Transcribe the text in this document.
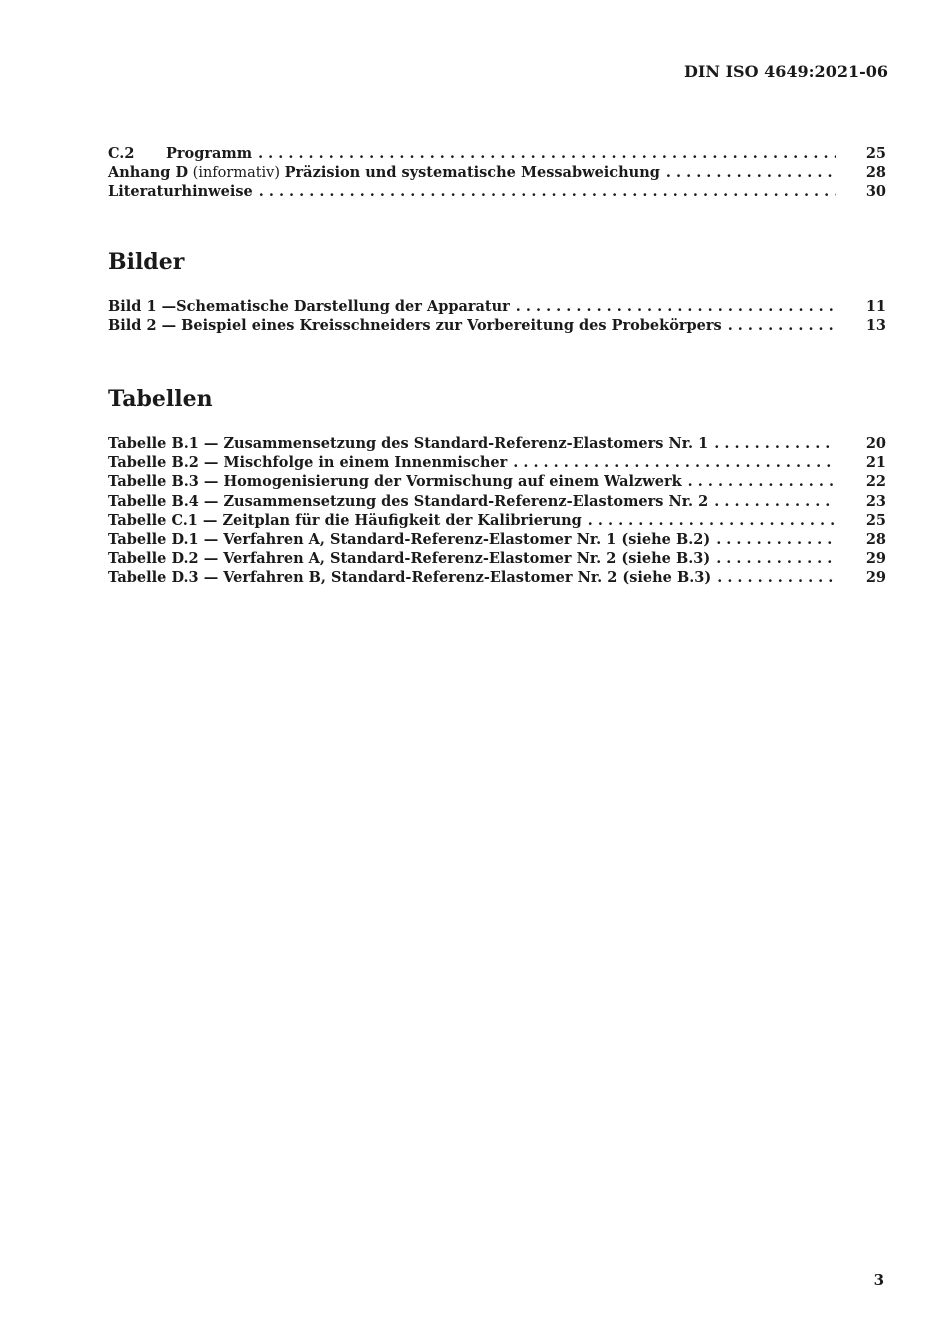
DIN ISO 4649:2021-06
C.2 Programm . . .	25
Anhang D (informativ) Präzision und systematische Messabweichung . . .	28
Literaturhinweise . . .	30
Bilder
Bild 1 —Schematische Darstellung der Apparatur . . .	11
Bild 2 — Beispiel eines Kreisschneiders zur Vorbereitung des Probekörpers . . .	13
Tabellen
Tabelle B.1 — Zusammensetzung des Standard-Referenz-Elastomers Nr. 1 . . .	20
Tabelle B.2 — Mischfolge in einem Innenmischer . . .	21
Tabelle B.3 — Homogenisierung der Vormischung auf einem Walzwerk . . .	22
Tabelle B.4 — Zusammensetzung des Standard-Referenz-Elastomers Nr. 2 . . .	23
Tabelle C.1 — Zeitplan für die Häufigkeit der Kalibrierung . . .	25
Tabelle D.1 — Verfahren A, Standard-Referenz-Elastomer Nr. 1 (siehe B.2) . . .	28
Tabelle D.2 — Verfahren A, Standard-Referenz-Elastomer Nr. 2 (siehe B.3) . . .	29
Tabelle D.3 — Verfahren B, Standard-Referenz-Elastomer Nr. 2 (siehe B.3) . . .	29
3
